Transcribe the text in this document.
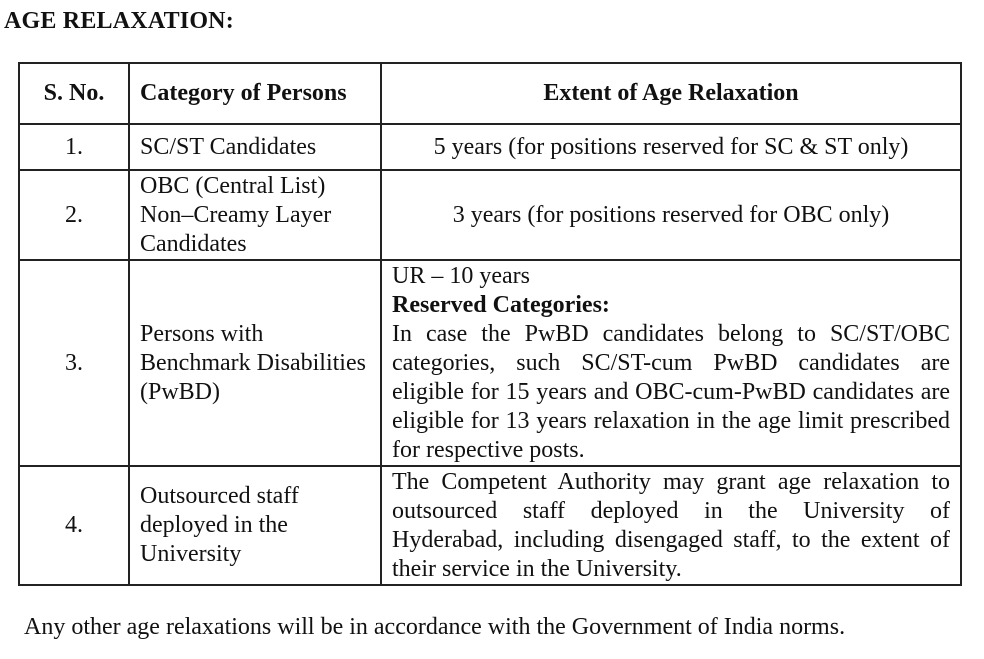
AGE RELAXATION:
S. No.	Category of Persons	Extent of Age Relaxation
1.	SC/ST Candidates	5 years (for positions reserved for SC & ST only)
2.	OBC (Central List) Non–Creamy Layer Candidates	3 years (for positions reserved for OBC only)
3.	Persons with Benchmark Disabilities (PwBD)	UR – 10 years
Reserved Categories:
In case the PwBD candidates belong to SC/ST/OBC categories, such SC/ST-cum PwBD candidates are eligible for 15 years and OBC-cum-PwBD candidates are eligible for 13 years relaxation in the age limit prescribed for respective posts.

4.	Outsourced staff deployed in the University	The Competent Authority may grant age relaxation to outsourced staff deployed in the University of Hyderabad, including disengaged staff, to the extent of their service in the University.

Any other age relaxations will be in accordance with the Government of India norms.
